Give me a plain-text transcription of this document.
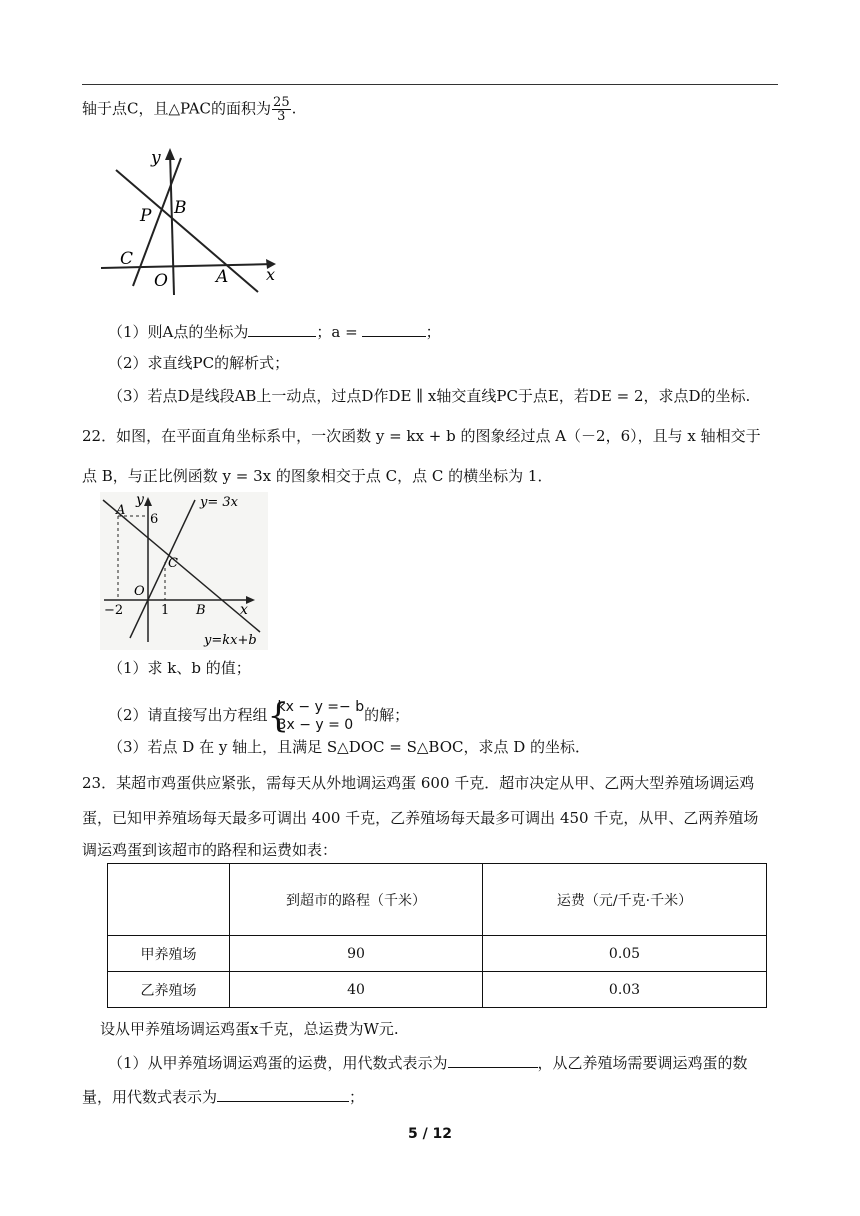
轴于点C，且△PAC的面积为 $\frac{25}{3}$ .
y
x
P B
C
O	A
（1）则A点的坐标为	；a =	；
（2）求直线PC的解析式；
（3）若点D是线段AB上一动点，过点D作DE ∥ x轴交直线PC于点E，若DE = 2，求点D的坐标.
22．如图，在平面直角坐标系中，一次函数 y = kx + b 的图象经过点 A（－2，6），且与 x 轴相交于
点 B，与正比例函数 y = 3x 的图象相交于点 C，点 C 的横坐标为 1．
y
x
A
6
C
O
−2	1 B
y= 3x
y=kx+b
（1）求 k、b 的值；
（2）请直接写出方程组 {
kx − y =− b
3x − y = 0
的解；
（3）若点 D 在 y 轴上，且满足 S△DOC = S△BOC，求点 D 的坐标．
23．某超市鸡蛋供应紧张，需每天从外地调运鸡蛋 600 千克．超市决定从甲、乙两大型养殖场调运鸡
蛋，已知甲养殖场每天最多可调出 400 千克，乙养殖场每天最多可调出 450 千克，从甲、乙两养殖场
调运鸡蛋到该超市的路程和运费如表：
	到超市的路程（千米）	运费（元/千克·千米）
甲养殖场	90	0.05
乙养殖场	40	0.03
设从甲养殖场调运鸡蛋x千克，总运费为W元.
（1）从甲养殖场调运鸡蛋的运费，用代数式表示为	，从乙养殖场需要调运鸡蛋的数
量，用代数式表示为	；
5 / 12
